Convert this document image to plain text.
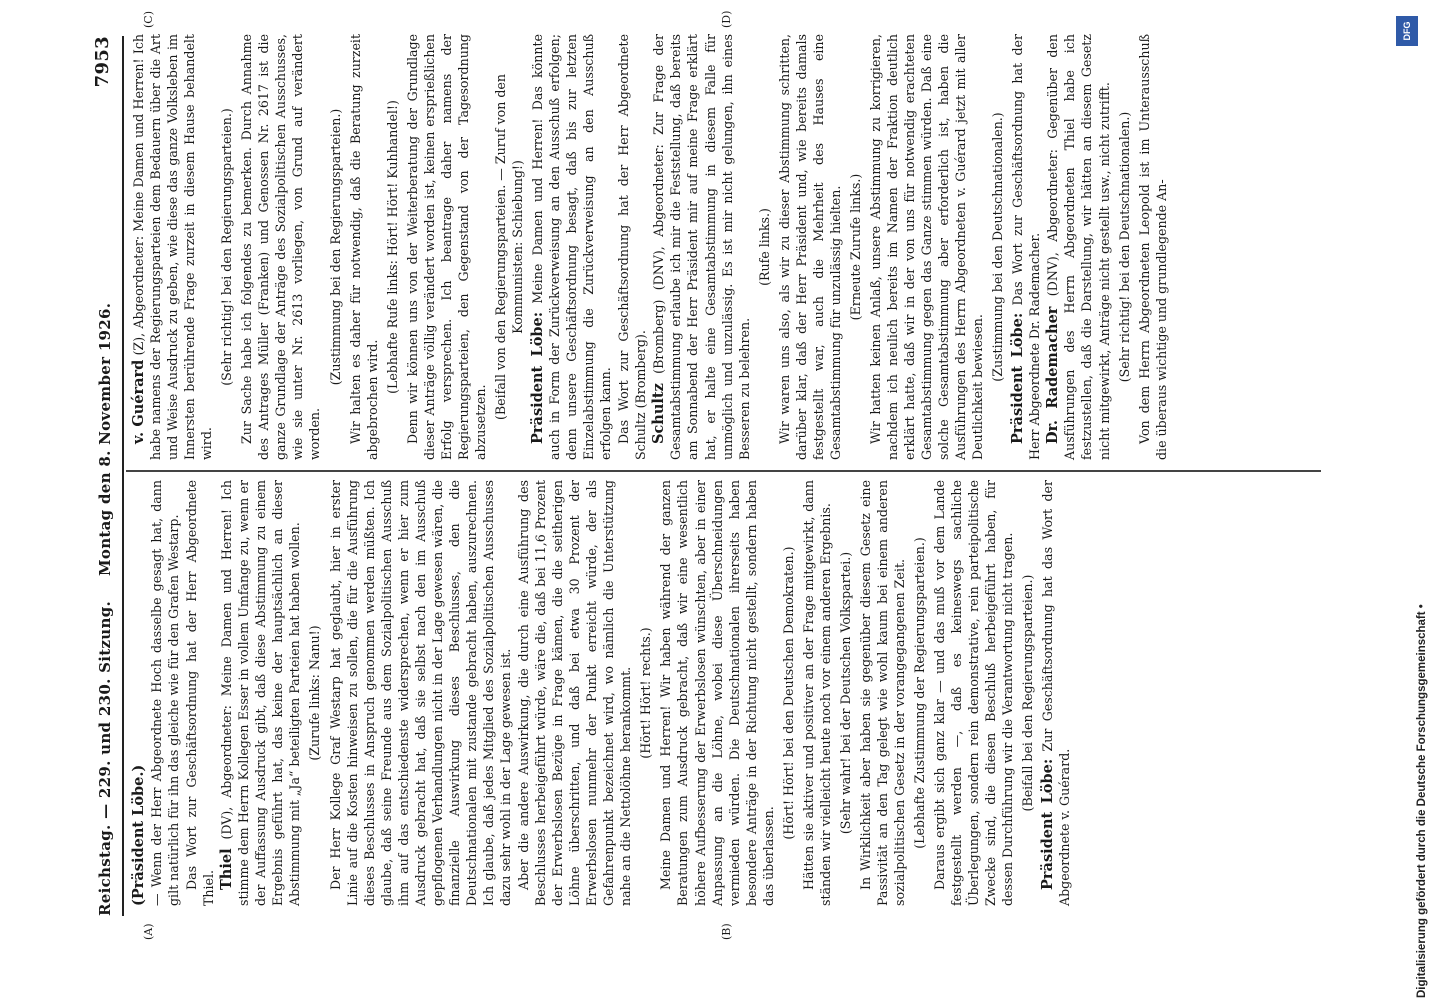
Reichstag. — 229. und 230. Sitzung.
Montag den 8. November 1926.
7953
(A)	(B)
(C)	(D)

(Präsident Löbe.) — Wenn der Herr Abgeordnete Hoch dasselbe gesagt hat, dann gilt natürlich für ihn das gleiche wie für den Grafen Westarp. Das Wort zur Geschäftsordnung hat der Herr Abgeordnete Thiel. Thiel (DV), Abgeordneter: Meine Damen und Herren! Ich stimme dem Herrn Kollegen Esser in vollem Umfange zu, wenn er der Auffassung Ausdruck gibt, daß diese Abstimmung zu einem Ergebnis geführt hat, das keine der hauptsächlich an dieser Abstimmung mit „Ja“ beteiligten Parteien hat haben wollen. (Zurufe links: Nanu!) Der Herr Kollege Graf Westarp hat geglaubt, hier in erster Linie auf die Kosten hinweisen zu sollen, die für die Ausführung dieses Beschlusses in Anspruch genommen werden müßten. Ich glaube, daß seine Freunde aus dem Sozialpolitischen Ausschuß ihm auf das entschiedenste widersprechen, wenn er hier zum Ausdruck gebracht hat, daß sie selbst nach den im Ausschuß gepflogenen Verhandlungen nicht in der Lage gewesen wären, die finanzielle Auswirkung dieses Beschlusses, den die Deutschnationalen mit zustande gebracht haben, auszurechnen. Ich glaube, daß jedes Mitglied des Sozialpolitischen Ausschusses dazu sehr wohl in der Lage gewesen ist. Aber die andere Auswirkung, die durch eine Ausführung des Beschlusses herbeigeführt würde, wäre die, daß bei 11,6 Prozent der Erwerbslosen Bezüge in Frage kämen, die die seitherigen Löhne überschritten, und daß bei etwa 30 Prozent der Erwerbslosen nunmehr der Punkt erreicht würde, der als Gefahrenpunkt bezeichnet wird, wo nämlich die Unterstützung nahe an die Nettolöhne herankommt. (Hört! Hört! rechts.) Meine Damen und Herren! Wir haben während der ganzen Beratungen zum Ausdruck gebracht, daß wir eine wesentlich höhere Aufbesserung der Erwerbslosen wünschten, aber in einer Anpassung an die Löhne, wobei diese Überschneidungen vermieden würden. Die Deutschnationalen ihrerseits haben besondere Anträge in der Richtung nicht gestellt, sondern haben das überlassen.

(Hört! Hört! bei den Deutschen Demokraten.) Hätten sie aktiver und positiver an der Frage mitgewirkt, dann ständen wir vielleicht heute noch vor einem anderen Ergebnis. (Sehr wahr! bei der Deutschen Volkspartei.) In Wirklichkeit aber haben sie gegenüber diesem Gesetz eine Passivität an den Tag gelegt wie wohl kaum bei einem anderen sozialpolitischen Gesetz in der vorangegangenen Zeit. (Lebhafte Zustimmung der Regierungsparteien.) Daraus ergibt sich ganz klar — und das muß vor dem Lande festgestellt werden —, daß es keineswegs sachliche Überlegungen, sondern rein demonstrative, rein parteipolitische Zwecke sind, die diesen Beschluß herbeigeführt haben, für dessen Durchführung wir die Verantwortung nicht tragen. (Beifall bei den Regierungsparteien.)

Präsident Löbe: Zur Geschäftsordnung hat das Wort der Abgeordnete v. Guérard.

v. Guérard (Z), Abgeordneter: Meine Damen und Herren! Ich habe namens der Regierungsparteien dem Bedauern über die Art und Weise Ausdruck zu geben, wie diese das ganze Volksleben im Innersten berührende Frage zurzeit in diesem Hause behandelt wird.

(Sehr richtig! bei den Regierungsparteien.) Zur Sache habe ich folgendes zu bemerken. Durch Annahme des Antrages Müller (Franken) und Genossen Nr. 2617 ist die ganze Grundlage der Anträge des Sozialpolitischen Ausschusses, wie sie unter Nr. 2613 vorliegen, von Grund auf verändert worden.

(Zustimmung bei den Regierungsparteien.) Wir halten es daher für notwendig, daß die Beratung zurzeit abgebrochen wird.

(Lebhafte Rufe links: Hört! Hört! Kuhhandel!) Denn wir können uns von der Weiterberatung der Grundlage dieser Anträge völlig verändert worden ist, keinen ersprießlichen Erfolg versprechen. Ich beantrage daher namens der Regierungsparteien, den Gegenstand von der Tagesordnung abzusetzen.

(Beifall von den Regierungsparteien. — Zuruf von den Kommunisten: Schiebung!)

Präsident Löbe: Meine Damen und Herren! Das könnte auch in Form der Zurückverweisung an den Ausschuß erfolgen; denn unsere Geschäftsordnung besagt, daß bis zur letzten Einzelabstimmung die Zurückverweisung an den Ausschuß erfolgen kann. Das Wort zur Geschäftsordnung hat der Herr Abgeordnete Schultz (Bromberg). Schultz (Bromberg) (DNV), Abgeordneter: Zur Frage der Gesamtabstimmung erlaube ich mir die Feststellung, daß bereits am Sonnabend der Herr Präsident mir auf meine Frage erklärt hat, er halte eine Gesamtabstimmung in diesem Falle für unmöglich und unzulässig. Es ist mir nicht gelungen, ihn eines Besseren zu belehren.

(Rufe links.) Wir waren uns also, als wir zu dieser Abstimmung schritten, darüber klar, daß der Herr Präsident und, wie bereits damals festgestellt war, auch die Mehrheit des Hauses eine Gesamtabstimmung für unzulässig hielten. (Erneute Zurufe links.) Wir hatten keinen Anlaß, unsere Abstimmung zu korrigieren, nachdem ich neulich bereits im Namen der Fraktion deutlich erklärt hatte, daß wir in der von uns für notwendig erachteten Gesamtabstimmung gegen das Ganze stimmen würden. Daß eine solche Gesamtabstimmung aber erforderlich ist, haben die Ausführungen des Herrn Abgeordneten v. Guérard jetzt mit aller Deutlichkeit bewiesen.

(Zustimmung bei den Deutschnationalen.) Präsident Löbe: Das Wort zur Geschäftsordnung hat der Herr Abgeordnete Dr. Rademacher. Dr. Rademacher (DNV), Abgeordneter: Gegenüber den Ausführungen des Herrn Abgeordneten Thiel habe ich festzustellen, daß die Darstellung, wir hätten an diesem Gesetz nicht mitgewirkt, Anträge nicht gestellt usw., nicht zutrifft. (Sehr richtig! bei den Deutschnationalen.) Von dem Herrn Abgeordneten Leopold ist im Unterausschuß die überaus wichtige und grundlegende An-

DFG
Digitalisierung gefördert durch die Deutsche Forschungsgemeinschaft •
